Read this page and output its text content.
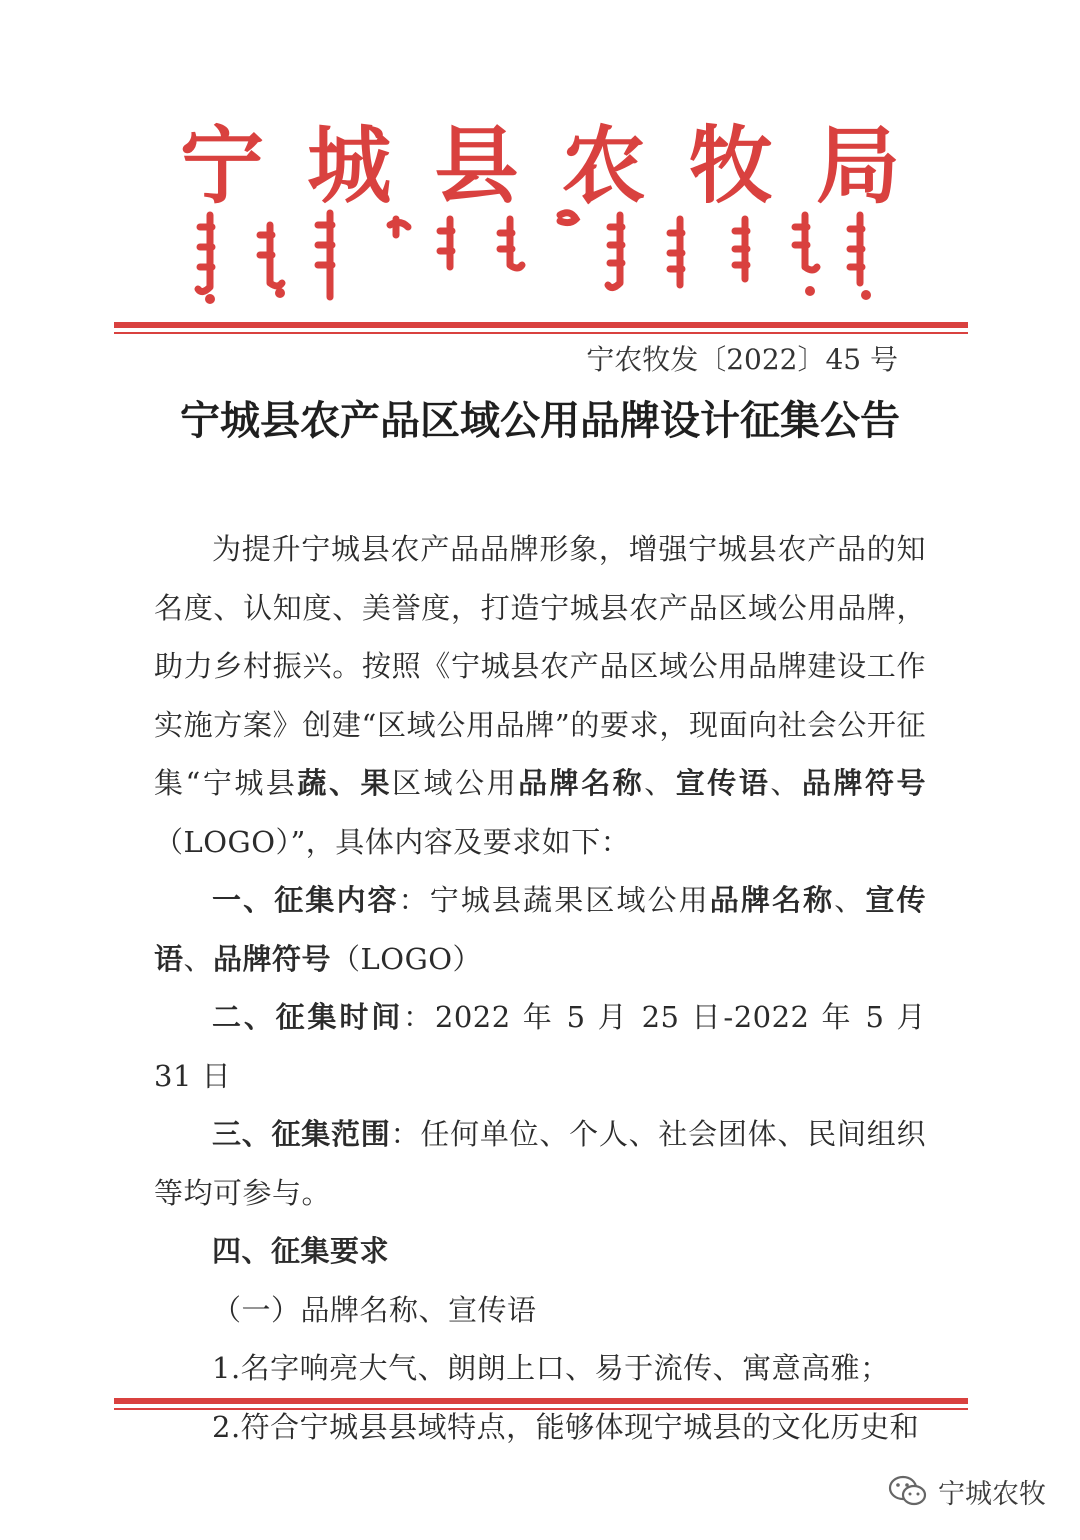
宁 城 县 农 牧 局
宁农牧发〔2022〕45 号
宁城县农产品区域公用品牌设计征集公告

为提升宁城县农产品品牌形象，增强宁城县农产品的知名度、认知度、美誉度，打造宁城县农产品区域公用品牌，助力乡村振兴。按照《宁城县农产品区域公用品牌建设工作实施方案》创建“区域公用品牌”的要求，现面向社会公开征集“宁城县蔬、果区域公用品牌名称、宣传语、品牌符号（LOGO）”，具体内容及要求如下：

一、征集内容：宁城县蔬果区域公用品牌名称、宣传语、品牌符号（LOGO）

二、征集时间：2022 年 5 月 25 日-2022 年 5 月 31 日

三、征集范围：任何单位、个人、社会团体、民间组织等均可参与。

四、征集要求

（一）品牌名称、宣传语

1.名字响亮大气、朗朗上口、易于流传、寓意高雅；

2.符合宁城县县域特点，能够体现宁城县的文化历史和

宁城农牧
